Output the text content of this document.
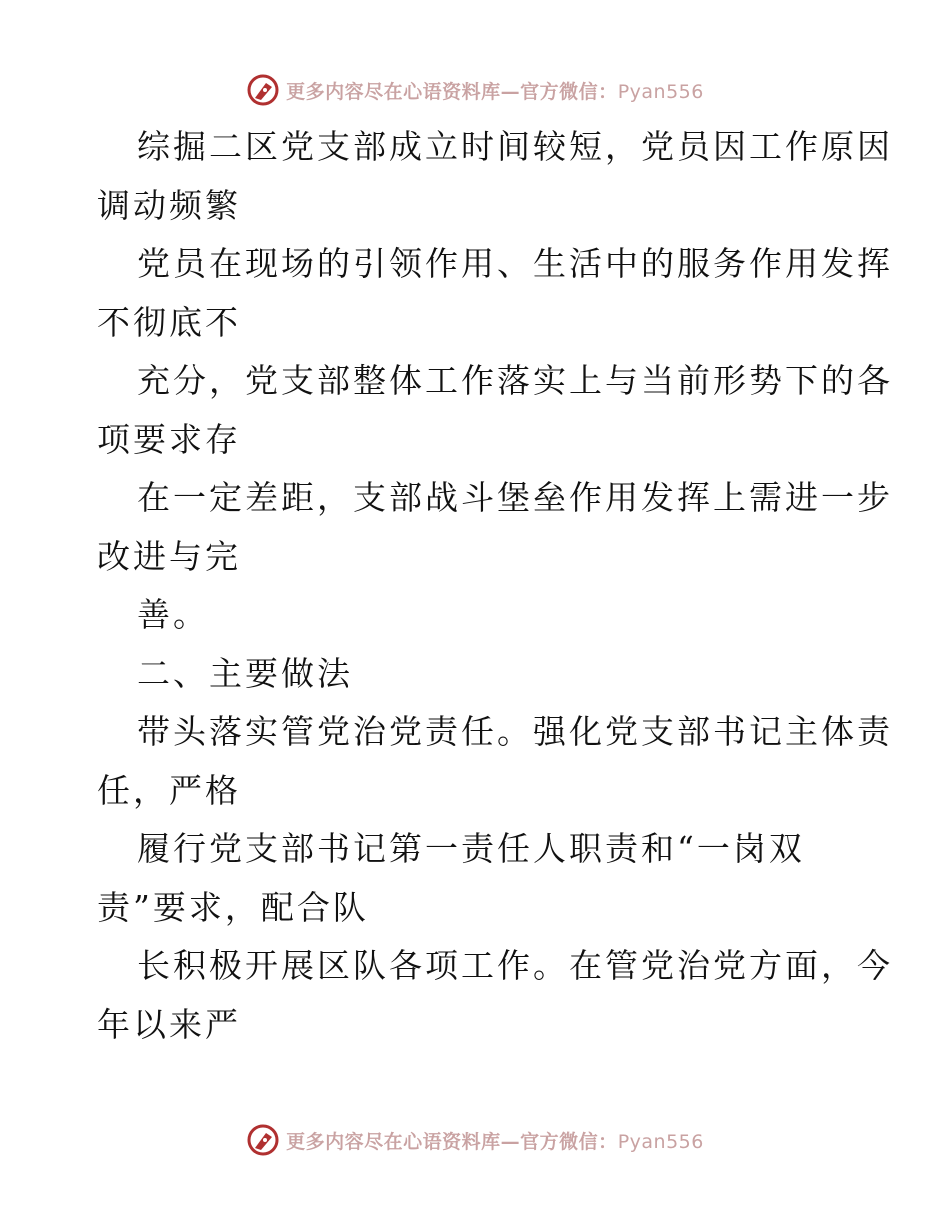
更多内容尽在心语资料库—官方微信：Pyan556
综掘二区党支部成立时间较短，党员因工作原因
调动频繁
党员在现场的引领作用、生活中的服务作用发挥
不彻底不
充分，党支部整体工作落实上与当前形势下的各
项要求存
在一定差距，支部战斗堡垒作用发挥上需进一步
改进与完
善。
二、主要做法
带头落实管党治党责任。强化党支部书记主体责
任，严格
履行党支部书记第一责任人职责和“一岗双
责”要求，配合队
长积极开展区队各项工作。在管党治党方面，今
年以来严
更多内容尽在心语资料库—官方微信：Pyan556
